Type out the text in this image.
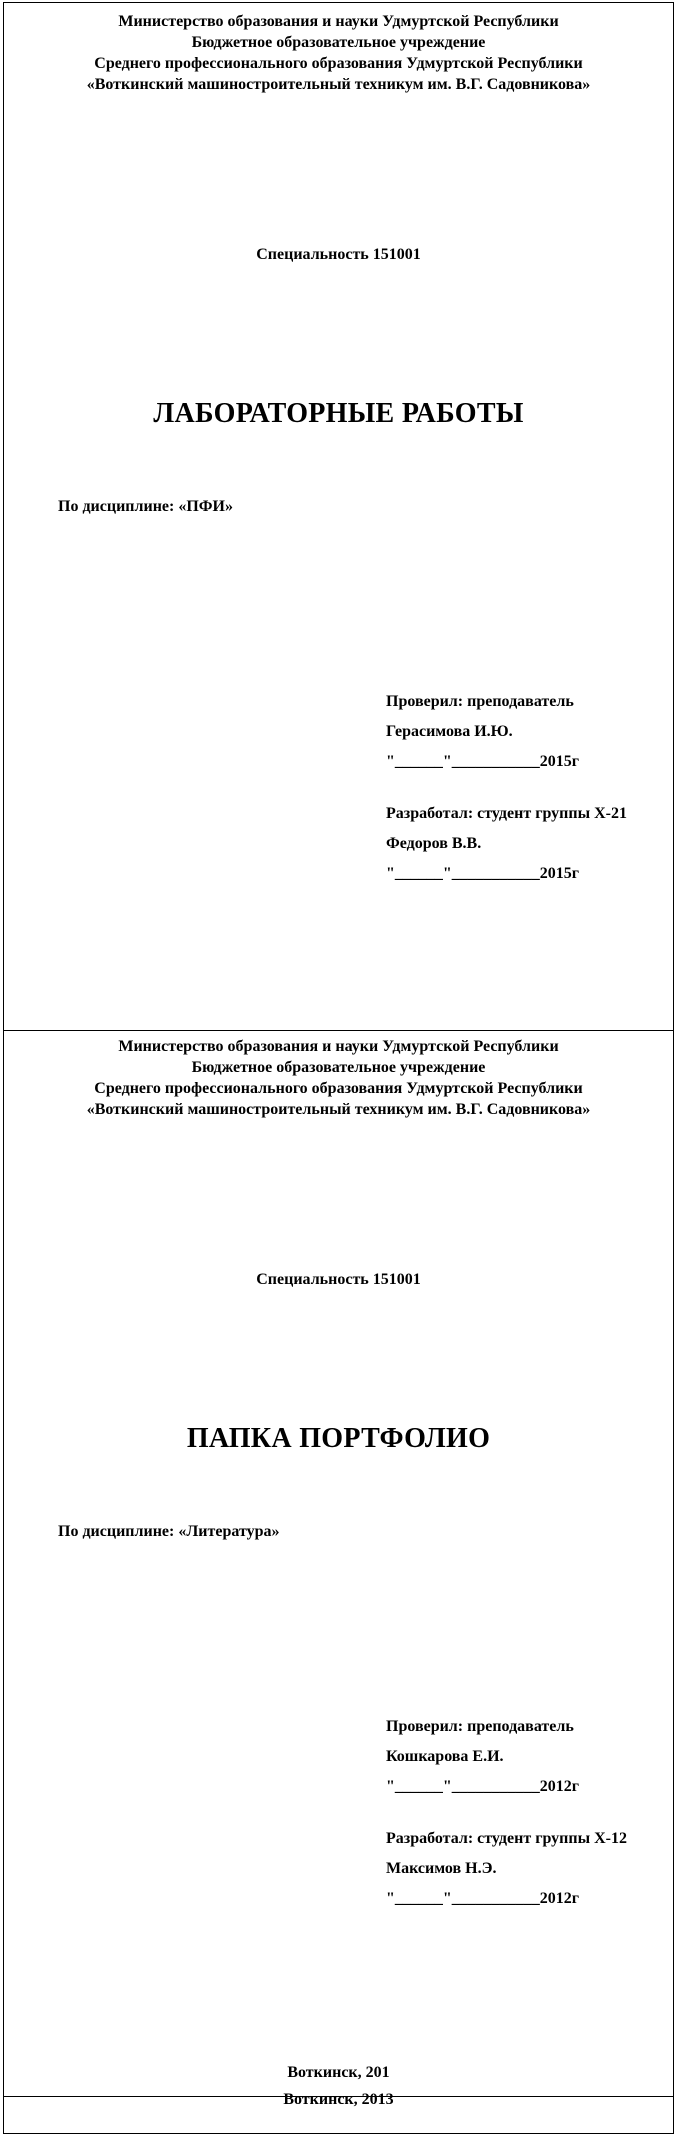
Министерство образования и науки Удмуртской Республики
Бюджетное образовательное учреждение
Среднего профессионального образования Удмуртской Республики
«Воткинский машиностроительный техникум им. В.Г. Садовникова»
Специальность 151001
ЛАБОРАТОРНЫЕ РАБОТЫ
По дисциплине: «ПФИ»
Проверил: преподаватель
Герасимова И.Ю.
"______"___________2015г
Разработал: студент группы Х-21
Федоров В.В.
"______"___________2015г
Министерство образования и науки Удмуртской Республики
Бюджетное образовательное учреждение
Среднего профессионального образования Удмуртской Республики
«Воткинский машиностроительный техникум им. В.Г. Садовникова»
Специальность 151001
ПАПКА ПОРТФОЛИО
По дисциплине: «Литература»
Проверил: преподаватель
Кошкарова Е.И.
"______"___________2012г
Разработал: студент группы Х-12
Максимов Н.Э.
"______"___________2012г
Воткинск, 201
Воткинск, 2013
